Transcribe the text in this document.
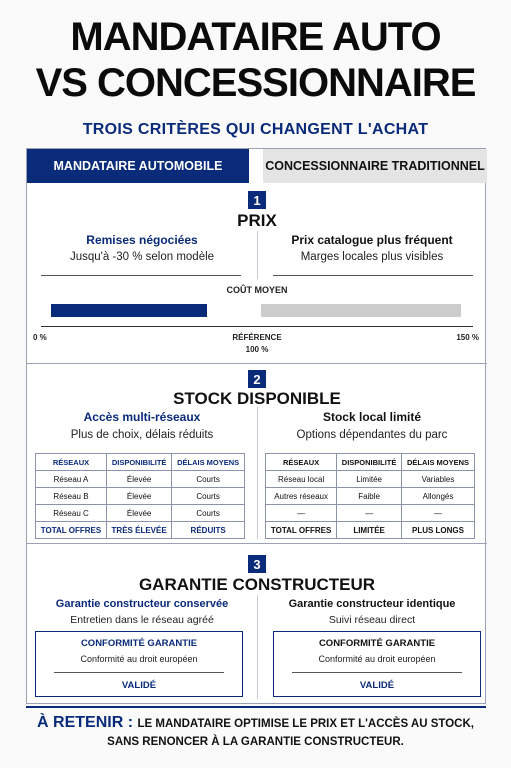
MANDATAIRE AUTO
VS CONCESSIONNAIRE
TROIS CRITÈRES QUI CHANGENT L'ACHAT
MANDATAIRE AUTOMOBILE	CONCESSIONNAIRE TRADITIONNEL
1
PRIX
Remises négociées
Jusqu'à -30 % selon modèle
Prix catalogue plus fréquent
Marges locales plus visibles
COÛT MOYEN
0 %	RÉFÉRENCE
100 %
150 %
2
STOCK DISPONIBLE
Accès multi-réseaux
Plus de choix, délais réduits
Stock local limité
Options dépendantes du parc
RÉSEAUX	DISPONIBILITÉ	DÉLAIS MOYENS
Réseau A	Élevée	Courts
Réseau B	Élevée	Courts
Réseau C	Élevée	Courts
TOTAL OFFRES	TRÈS ÉLEVÉE	RÉDUITS
RÉSEAUX	DISPONIBILITÉ	DÉLAIS MOYENS
Réseau local	Limitée	Variables
Autres réseaux	Faible	Allongés
—	—	—
TOTAL OFFRES	LIMITÉE	PLUS LONGS
3
GARANTIE CONSTRUCTEUR
Garantie constructeur conservée
Entretien dans le réseau agréé
Garantie constructeur identique
Suivi réseau direct
CONFORMITÉ GARANTIE
Conformité au droit européen
VALIDÉ
CONFORMITÉ GARANTIE
Conformité au droit européen
VALIDÉ
À RETENIR : LE MANDATAIRE OPTIMISE LE PRIX ET L'ACCÈS AU STOCK,
SANS RENONCER À LA GARANTIE CONSTRUCTEUR.
